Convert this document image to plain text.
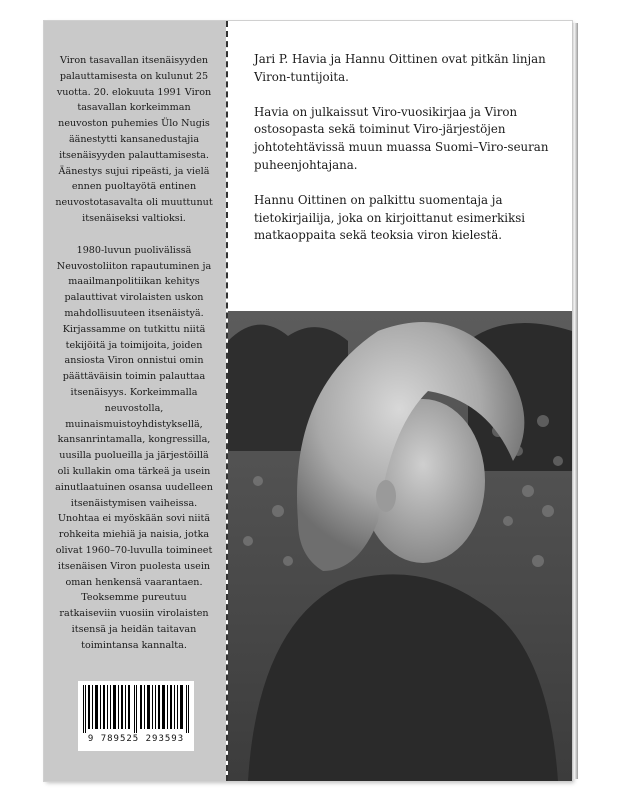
Viron tasavallan itsenäisyyden palauttamisesta on kulunut 25 vuotta. 20. elokuuta 1991 Viron tasavallan korkeimman neuvoston puhemies Ülo Nugis äänestytti kansanedustajia itsenäisyyden palauttamisesta. Äänestys sujui ripeästi, ja vielä ennen puoltayötä entinen neuvostotasavalta oli muuttunut itsenäiseksi valtioksi.

1980-luvun puolivälissä Neuvostoliiton rapautuminen ja maailmanpolitiikan kehitys palauttivat virolaisten uskon mahdollisuuteen itsenäistyä. Kirjassamme on tutkittu niitä tekijöitä ja toimijoita, joiden ansiosta Viron onnistui omin päättäväisin toimin palauttaa itsenäisyys. Korkeimmalla neuvostolla, muinaismuistoyhdistyksellä, kansanrintamalla, kongressilla, uusilla puolueilla ja järjestöillä oli kullakin oma tärkeä ja usein ainutlaatuinen osansa uudelleen itsenäistymisen vaiheissa. Unohtaa ei myöskään sovi niitä rohkeita miehiä ja naisia, jotka olivat 1960–70-luvulla toimineet itsenäisen Viron puolesta usein oman henkensä vaarantaen. Teoksemme pureutuu ratkaiseviin vuosiin virolaisten itsensä ja heidän taitavan toimintansa kannalta.

9 789525 293593

Jari P. Havia ja Hannu Oittinen ovat pitkän linjan Viron-tuntijoita.

Havia on julkaissut Viro-vuosikirjaa ja Viron ostosopasta sekä toiminut Viro-järjestöjen johtotehtävissä muun muassa Suomi–Viro-seuran puheenjohtajana.

Hannu Oittinen on palkittu suomentaja ja tietokirjailija, joka on kirjoittanut esimerkiksi matkaoppaita sekä teoksia viron kielestä.
